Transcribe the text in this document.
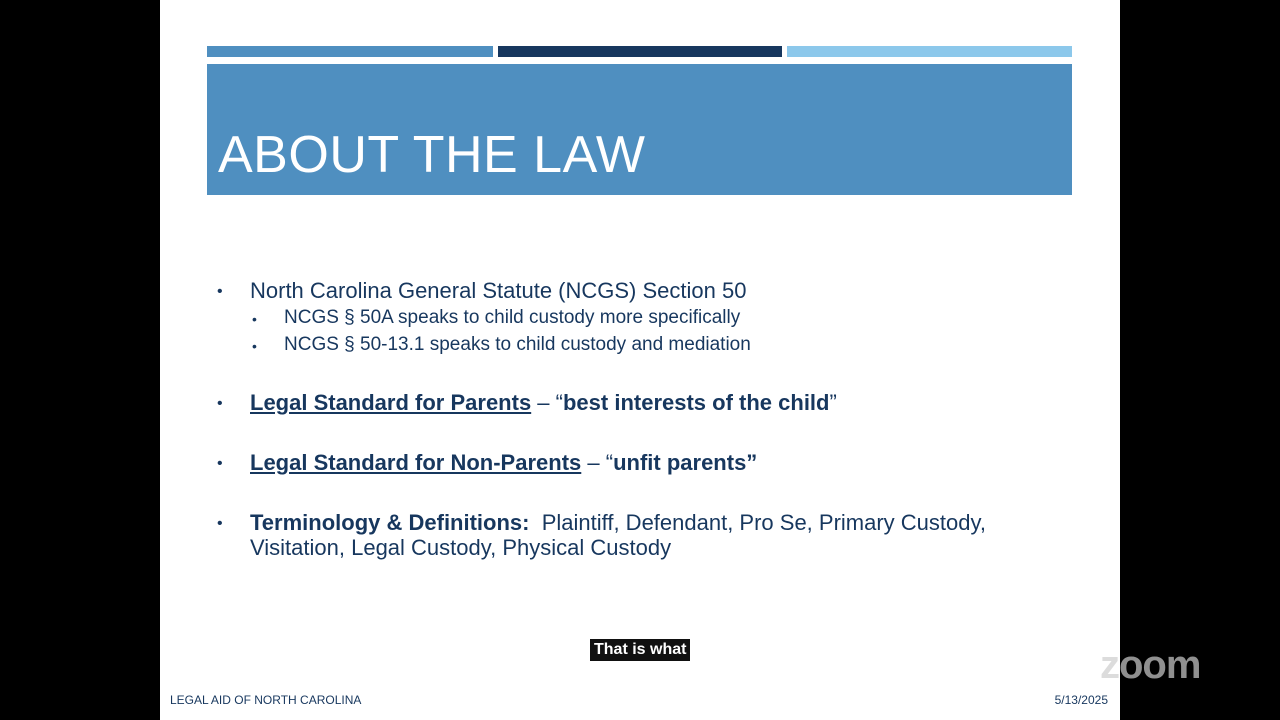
ABOUT THE LAW
• North Carolina General Statute (NCGS) Section 50
• NCGS § 50A speaks to child custody more specifically
• NCGS § 50-13.1 speaks to child custody and mediation
• Legal Standard for Parents – “best interests of the child”
• Legal Standard for Non-Parents – “unfit parents”
• Terminology & Definitions:  Plaintiff, Defendant, Pro Se, Primary Custody,
Visitation, Legal Custody, Physical Custody
LEGAL AID OF NORTH CAROLINA	5/13/2025
That is what	zoom
